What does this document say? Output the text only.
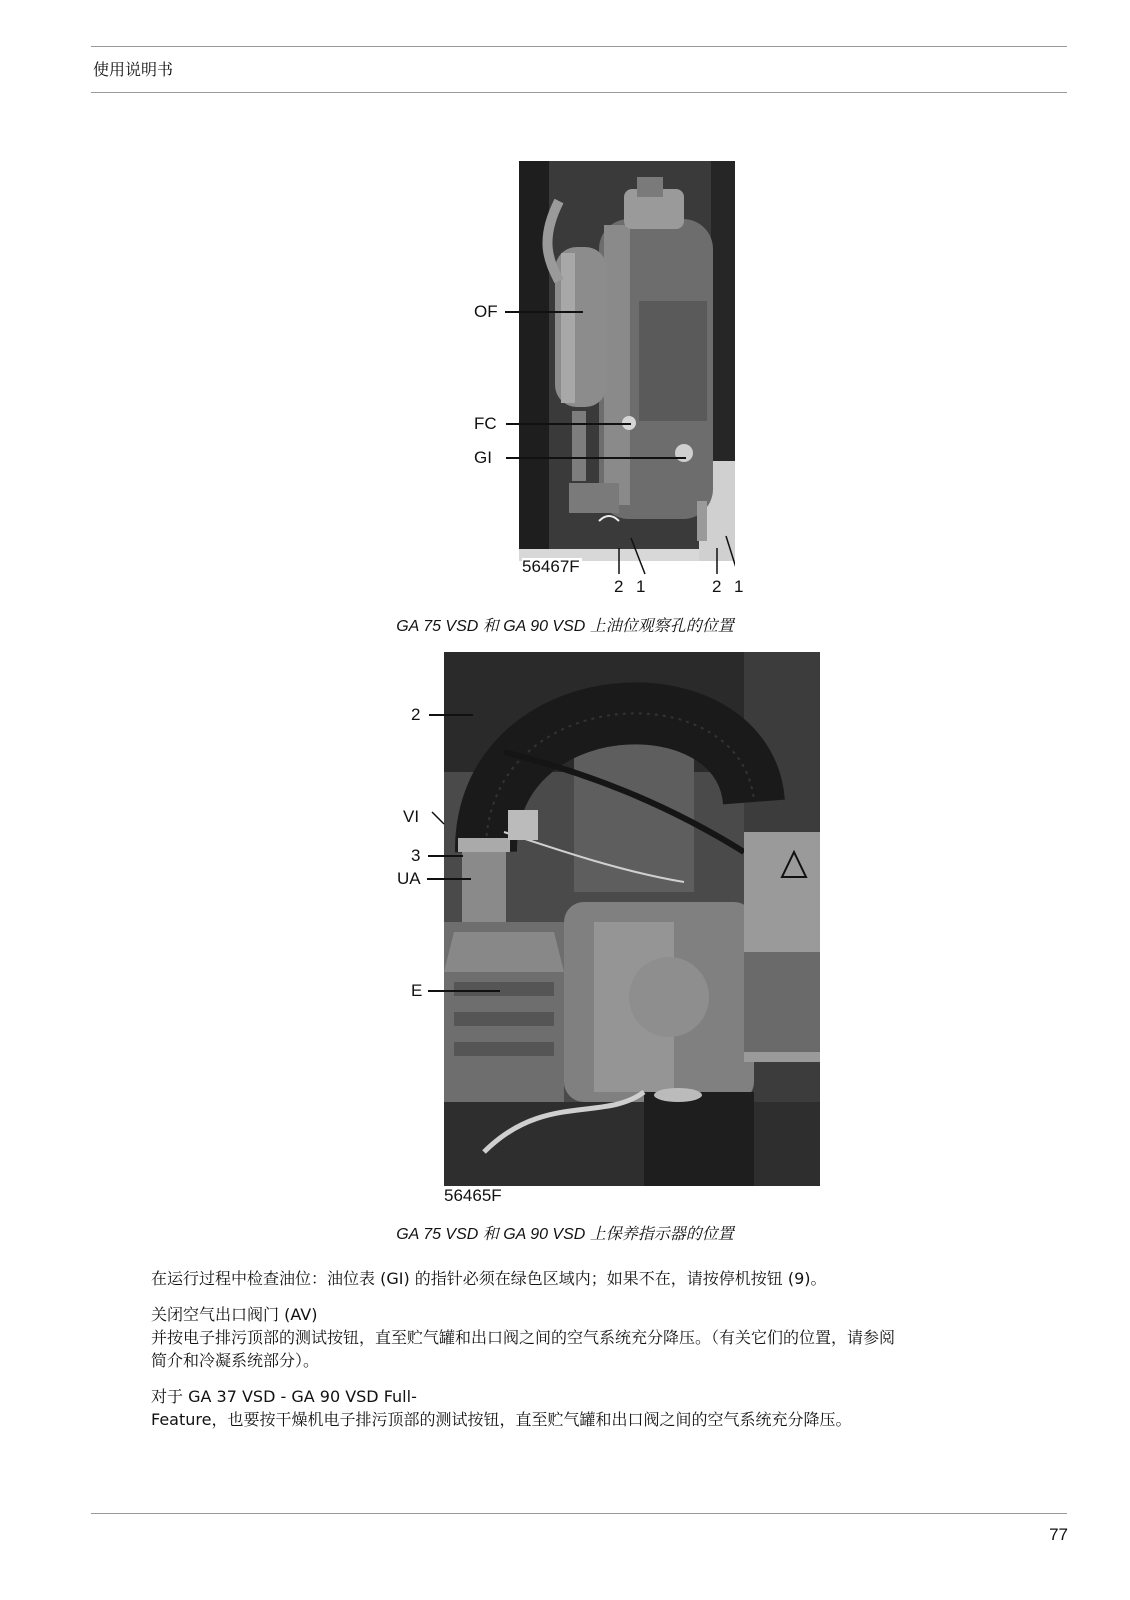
使用说明书
OF
FC
GI
56467F
2 1	2 1
GA 75 VSD 和 GA 90 VSD 上油位观察孔的位置
2
VI
3
UA
E
56465F
GA 75 VSD 和 GA 90 VSD 上保养指示器的位置
在运行过程中检查油位：油位表 (GI) 的指针必须在绿色区域内；如果不在，请按停机按钮 (9)。
关闭空气出口阀门 (AV)
并按电子排污顶部的测试按钮，直至贮气罐和出口阀之间的空气系统充分降压。（有关它们的位置，请参阅
简介和冷凝系统部分）。
对于 GA 37 VSD - GA 90 VSD Full-
Feature，也要按干燥机电子排污顶部的测试按钮，直至贮气罐和出口阀之间的空气系统充分降压。
77
